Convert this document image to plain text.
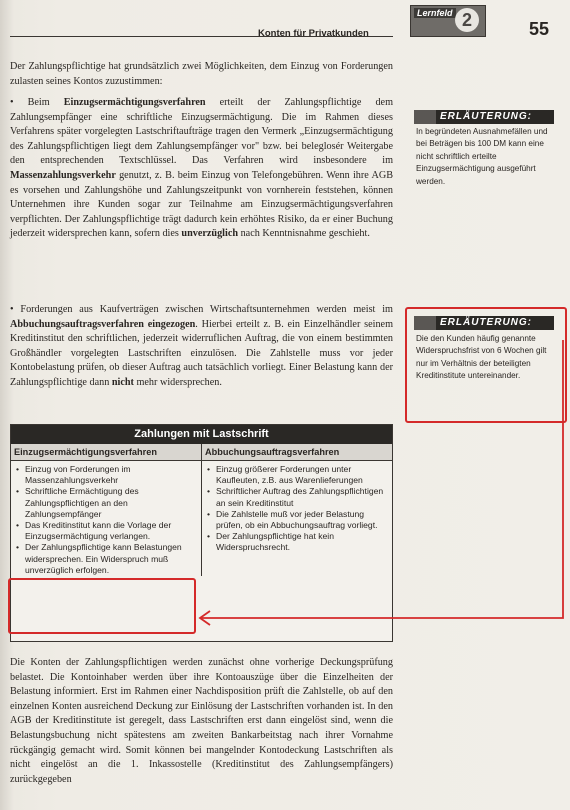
Konten für Privatkunden
Lernfeld 2	55

Der Zahlungspflichtige hat grundsätzlich zwei Möglichkeiten, dem Einzug von Forderungen zulasten seines Kontos zuzustimmen:

• Beim Einzugsermächtigungsverfahren erteilt der Zahlungspflichtige dem Zahlungsempfänger eine schriftliche Einzugsermächtigung. Die im Rahmen dieses Verfahrens später vorgelegten Lastschriftaufträge tragen den Vermerk „Einzugsermächtigung des Zahlungspflichtigen liegt dem Zahlungsempfänger vor" bzw. bei beleglosér Weitergabe den entsprechenden Textschlüssel. Das Verfahren wird insbesondere im Massenzahlungsverkehr genutzt, z. B. beim Einzug von Telefongebühren. Wenn ihre AGB es vorsehen und Zahlungshöhe und Zahlungszeitpunkt von vornherein feststehen, können Unternehmen ihre Kunden sogar zur Teilnahme am Einzugsermächtigungsverfahren verpflichten. Der Zahlungspflichtige trägt dadurch kein erhöhtes Risiko, da er einer Buchung jederzeit widersprechen kann, sofern dies unverzüglich nach Kenntnisnahme geschieht.

• Forderungen aus Kaufverträgen zwischen Wirtschaftsunternehmen werden meist im Abbuchungsauftragsverfahren eingezogen. Hierbei erteilt z. B. ein Einzelhändler seinem Kreditinstitut den schriftlichen, jederzeit widerruflichen Auftrag, die von einem bestimmten Großhändler vorgelegten Lastschriften einzulösen. Die Zahlstelle muss vor jeder Kontobelastung prüfen, ob dieser Auftrag auch tatsächlich vorliegt. Einer Belastung kann der Zahlungspflichtige dann nicht mehr widersprechen.

ERLÄUTERUNG:

In begründeten Ausnahmefällen und bei Beträgen bis 100 DM kann eine nicht schriftlich erteilte Einzugsermächtigung ausgeführt werden.

ERLÄUTERUNG:

Die den Kunden häufig genannte Widerspruchsfrist von 6 Wochen gilt nur im Verhältnis der beteiligten Kreditinstitute untereinander.

Zahlungen mit Lastschrift
Einzugsermächtigungsverfahren	Abbuchungsauftragsverfahren
• Einzug von Forderungen im Massenzahlungsverkehr
• Schriftliche Ermächtigung des Zahlungspflichtigen an den Zahlungsempfänger
• Das Kreditinstitut kann die Vorlage der Einzugsermächtigung verlangen.
• Der Zahlungspflichtige kann Belastungen widersprechen. Ein Widerspruch muß unverzüglich erfolgen.
• Einzug größerer Forderungen unter Kaufleuten, z.B. aus Warenlieferungen
• Schriftlicher Auftrag des Zahlungspflichtigen an sein Kreditinstitut
• Die Zahlstelle muß vor jeder Belastung prüfen, ob ein Abbuchungsauftrag vorliegt.
• Der Zahlungspflichtige hat kein Widerspruchsrecht.

Die Konten der Zahlungspflichtigen werden zunächst ohne vorherige Deckungsprüfung belastet. Die Kontoinhaber werden über ihre Kontoauszüge über die Einzelheiten der Belastung informiert. Erst im Rahmen einer Nachdisposition prüft die Zahlstelle, ob auf den einzelnen Konten ausreichend Deckung zur Einlösung der Lastschriften vorhanden ist. In den AGB der Kreditinstitute ist geregelt, dass Lastschriften erst dann eingelöst sind, wenn die Belastungsbuchung nicht spätestens am zweiten Bankarbeitstag nach ihrer Vornahme rückgängig gemacht wird. Somit können bei mangelnder Kontodeckung Lastschriften als nicht eingelöst an die 1. Inkassostelle (Kreditinstitut des Zahlungsempfängers) zurückgegeben
